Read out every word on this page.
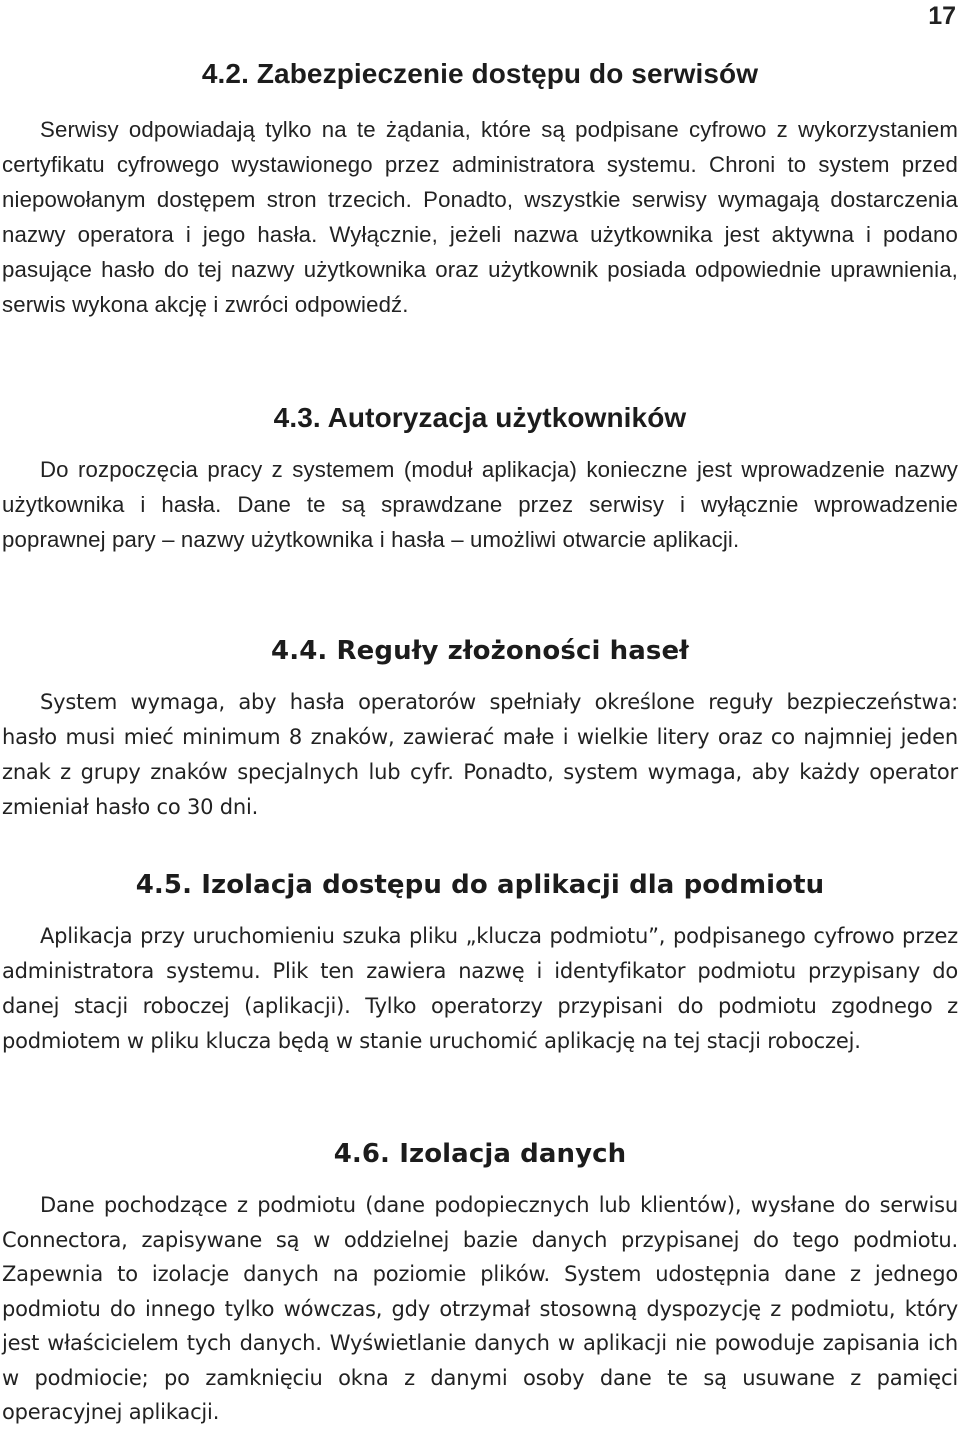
17
4.2. Zabezpieczenie dostępu do serwisów

Serwisy odpowiadają tylko na te żądania, które są podpisane cyfrowo z wykorzystaniem certyfikatu cyfrowego wystawionego przez administratora systemu. Chroni to system przed niepowołanym dostępem stron trzecich. Ponadto, wszystkie serwisy wymagają dostarczenia nazwy operatora i jego hasła. Wyłącznie, jeżeli nazwa użytkownika jest aktywna i podano pasujące hasło do tej nazwy użytkownika oraz użytkownik posiada odpowiednie uprawnienia, serwis wykona akcję i zwróci odpowiedź.

4.3. Autoryzacja użytkowników

Do rozpoczęcia pracy z systemem (moduł aplikacja) konieczne jest wprowadzenie nazwy użytkownika i hasła. Dane te są sprawdzane przez serwisy i wyłącznie wprowadzenie poprawnej pary – nazwy użytkownika i hasła – umożliwi otwarcie aplikacji.

4.4. Reguły złożoności haseł

System wymaga, aby hasła operatorów spełniały określone reguły bezpieczeństwa: hasło musi mieć minimum 8 znaków, zawierać małe i wielkie litery oraz co najmniej jeden znak z grupy znaków specjalnych lub cyfr. Ponadto, system wymaga, aby każdy operator zmieniał hasło co 30 dni.

4.5. Izolacja dostępu do aplikacji dla podmiotu

Aplikacja przy uruchomieniu szuka pliku „klucza podmiotu”, podpisanego cyfrowo przez administratora systemu. Plik ten zawiera nazwę i identyfikator podmiotu przypisany do danej stacji roboczej (aplikacji). Tylko operatorzy przypisani do podmiotu zgodnego z podmiotem w pliku klucza będą w stanie uruchomić aplikację na tej stacji roboczej.

4.6. Izolacja danych

Dane pochodzące z podmiotu (dane podopiecznych lub klientów), wysłane do serwisu Connectora, zapisywane są w oddzielnej bazie danych przypisanej do tego podmiotu. Zapewnia to izolacje danych na poziomie plików. System udostępnia dane z jednego podmiotu do innego tylko wówczas, gdy otrzymał stosowną dyspozycję z podmiotu, który jest właścicielem tych danych. Wyświetlanie danych w aplikacji nie powoduje zapisania ich w podmiocie; po zamknięciu okna z danymi osoby dane te są usuwane z pamięci operacyjnej aplikacji.
